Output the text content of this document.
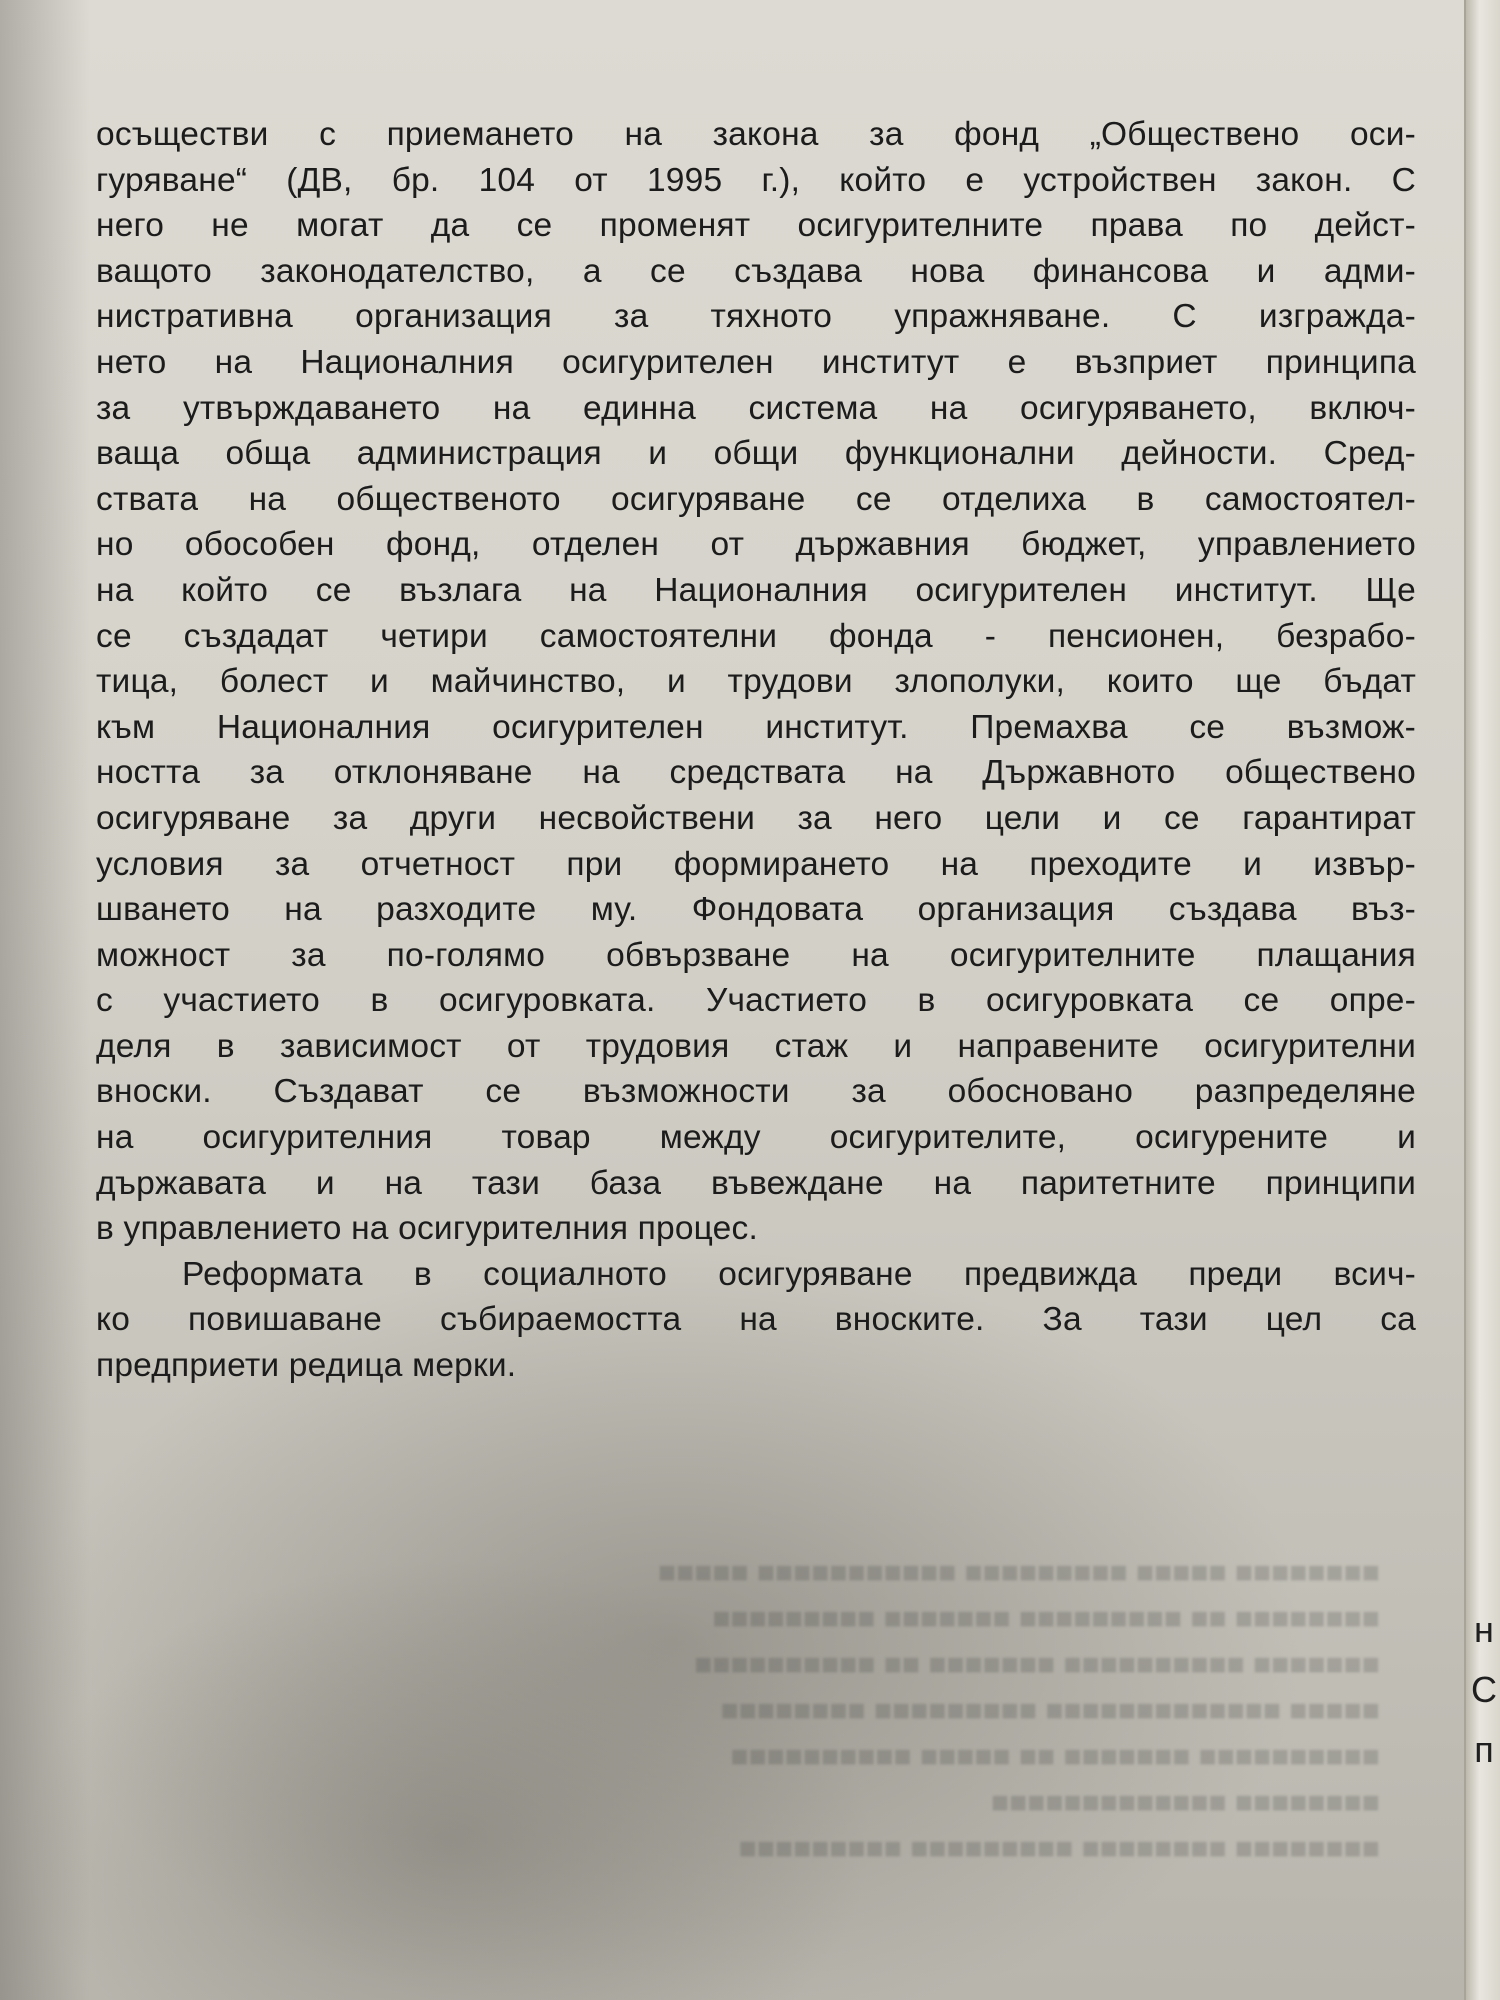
■■■■■■■■ ■■■■■ ■■■■■■■■■ ■■■■■■■■■■■ ■■■■■
■■■■■■■■ ■■ ■■■■■■■■■ ■■■■■■■ ■■■■■■■■■
■■■■■■■ ■■■■■■■■■■ ■■■■■■■ ■■ ■■■■■■■■■■
■■■■■ ■■■■■■■■■■■■■ ■■■■■■■■■ ■■■■■■■■
■■■■■■■■■■ ■■■■■■■ ■■ ■■■■■ ■■■■■■■■■■
■■■■■■■■ ■■■■■■■■■■■■■
■■■■■■■■ ■■■■■■■■ ■■■■■■■■■ ■■■■■■■■■
осъществи с приемането на закона за фонд „Обществено оси-
гуряване“ (ДВ, бр. 104 от 1995 г.), който е устройствен закон. С
него не могат да се променят осигурителните права по дейст-
ващото законодателство, а се създава нова финансова и адми-
нистративна организация за тяхното упражняване. С изгражда-
нето на Националния осигурителен институт е възприет принципа
за утвърждаването на единна система на осигуряването, включ-
ваща обща администрация и общи функционални дейности. Сред-
ствата на общественото осигуряване се отделиха в самостоятел-
но обособен фонд, отделен от държавния бюджет, управлението
на който се възлага на Националния осигурителен институт. Ще
се създадат четири самостоятелни фонда - пенсионен, безрабо-
тица, болест и майчинство, и трудови злополуки, които ще бъдат
към Националния осигурителен институт. Премахва се възмож-
ността за отклоняване на средствата на Държавното обществено
осигуряване за други несвойствени за него цели и се гарантират
условия за отчетност при формирането на преходите и извър-
шването на разходите му. Фондовата организация създава въз-
можност за по-голямо обвързване на осигурителните плащания
с участието в осигуровката. Участието в осигуровката се опре-
деля в зависимост от трудовия стаж и направените осигурителни
вноски. Създават се възможности за обосновано разпределяне
на осигурителния товар между осигурителите, осигурените и
държавата и на тази база въвеждане на паритетните принципи
в управлението на осигурителния процес.
Реформата в социалното осигуряване предвижда преди всич-
ко повишаване събираемостта на вноските. За тази цел са
предприети редица мерки.
н
С
п
